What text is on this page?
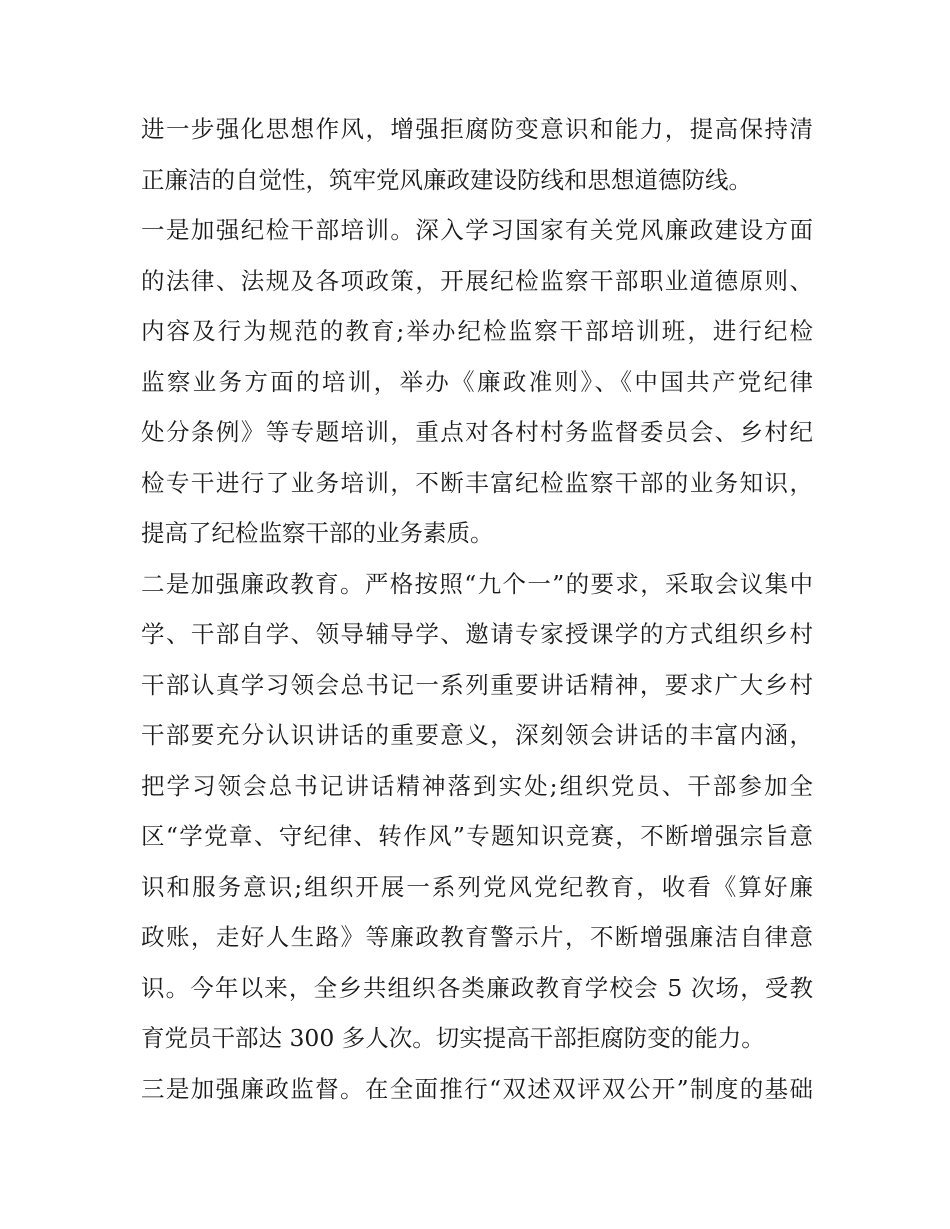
进一步强化思想作风，增强拒腐防变意识和能力，提高保持清
正廉洁的自觉性，筑牢党风廉政建设防线和思想道德防线。
一是加强纪检干部培训。深入学习国家有关党风廉政建设方面
的法律、法规及各项政策，开展纪检监察干部职业道德原则、
内容及行为规范的教育;举办纪检监察干部培训班，进行纪检
监察业务方面的培训，举办《廉政准则》、《中国共产党纪律
处分条例》等专题培训，重点对各村村务监督委员会、乡村纪
检专干进行了业务培训，不断丰富纪检监察干部的业务知识，
提高了纪检监察干部的业务素质。
二是加强廉政教育。严格按照“九个一”的要求，采取会议集中
学、干部自学、领导辅导学、邀请专家授课学的方式组织乡村
干部认真学习领会总书记一系列重要讲话精神，要求广大乡村
干部要充分认识讲话的重要意义，深刻领会讲话的丰富内涵，
把学习领会总书记讲话精神落到实处;组织党员、干部参加全
区“学党章、守纪律、转作风”专题知识竞赛，不断增强宗旨意
识和服务意识;组织开展一系列党风党纪教育，收看《算好廉
政账，走好人生路》等廉政教育警示片，不断增强廉洁自律意
识。今年以来，全乡共组织各类廉政教育学校会 5 次场，受教
育党员干部达 300 多人次。切实提高干部拒腐防变的能力。
三是加强廉政监督。在全面推行“双述双评双公开”制度的基础
